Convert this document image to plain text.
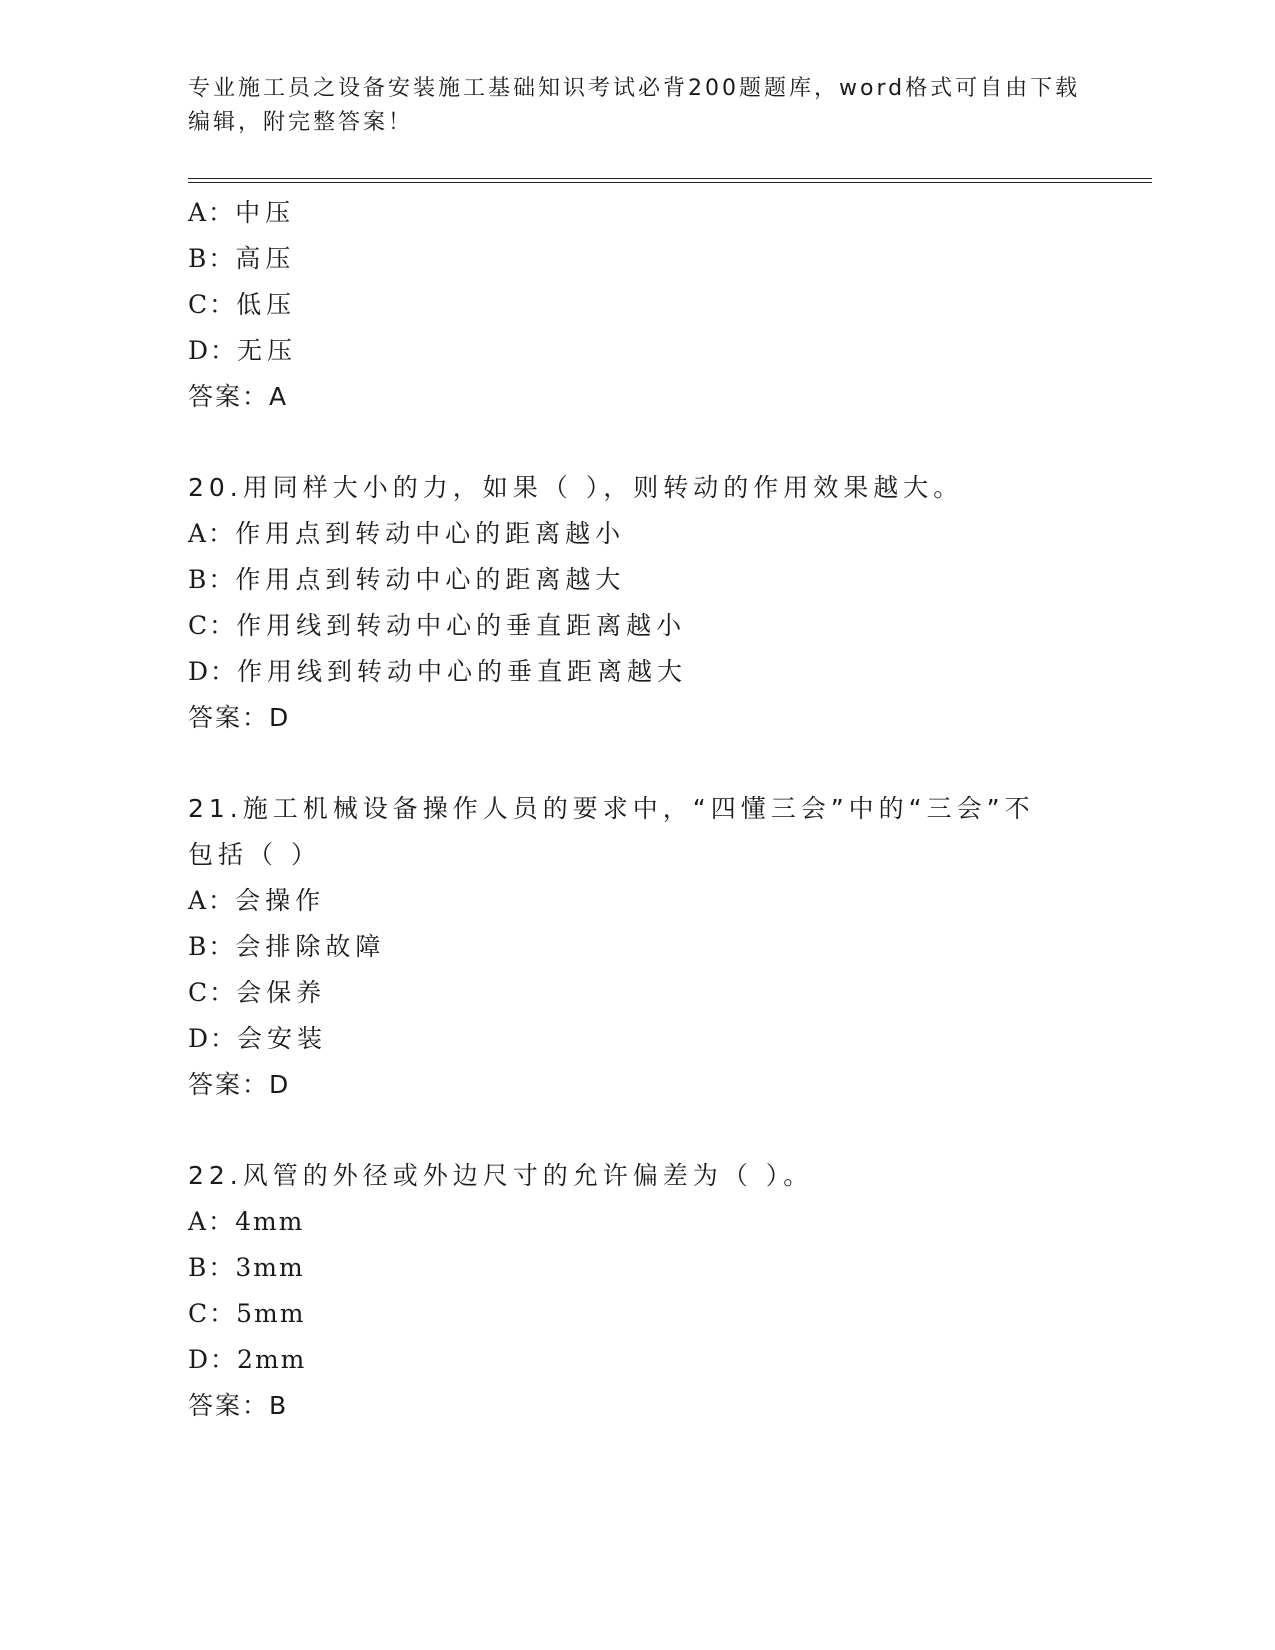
专业施工员之设备安装施工基础知识考试必背200题题库，word格式可自由下载编辑，附完整答案！
A：中压
B：高压
C：低压
D：无压
答案：A
20.用同样大小的力，如果（ ），则转动的作用效果越大。
A：作用点到转动中心的距离越小
B：作用点到转动中心的距离越大
C：作用线到转动中心的垂直距离越小
D：作用线到转动中心的垂直距离越大
答案：D
21.施工机械设备操作人员的要求中，“四懂三会”中的“三会”不包括（ ）
A：会操作
B：会排除故障
C：会保养
D：会安装
答案：D
22.风管的外径或外边尺寸的允许偏差为（ ）。
A：4mm
B：3mm
C：5mm
D：2mm
答案：B
